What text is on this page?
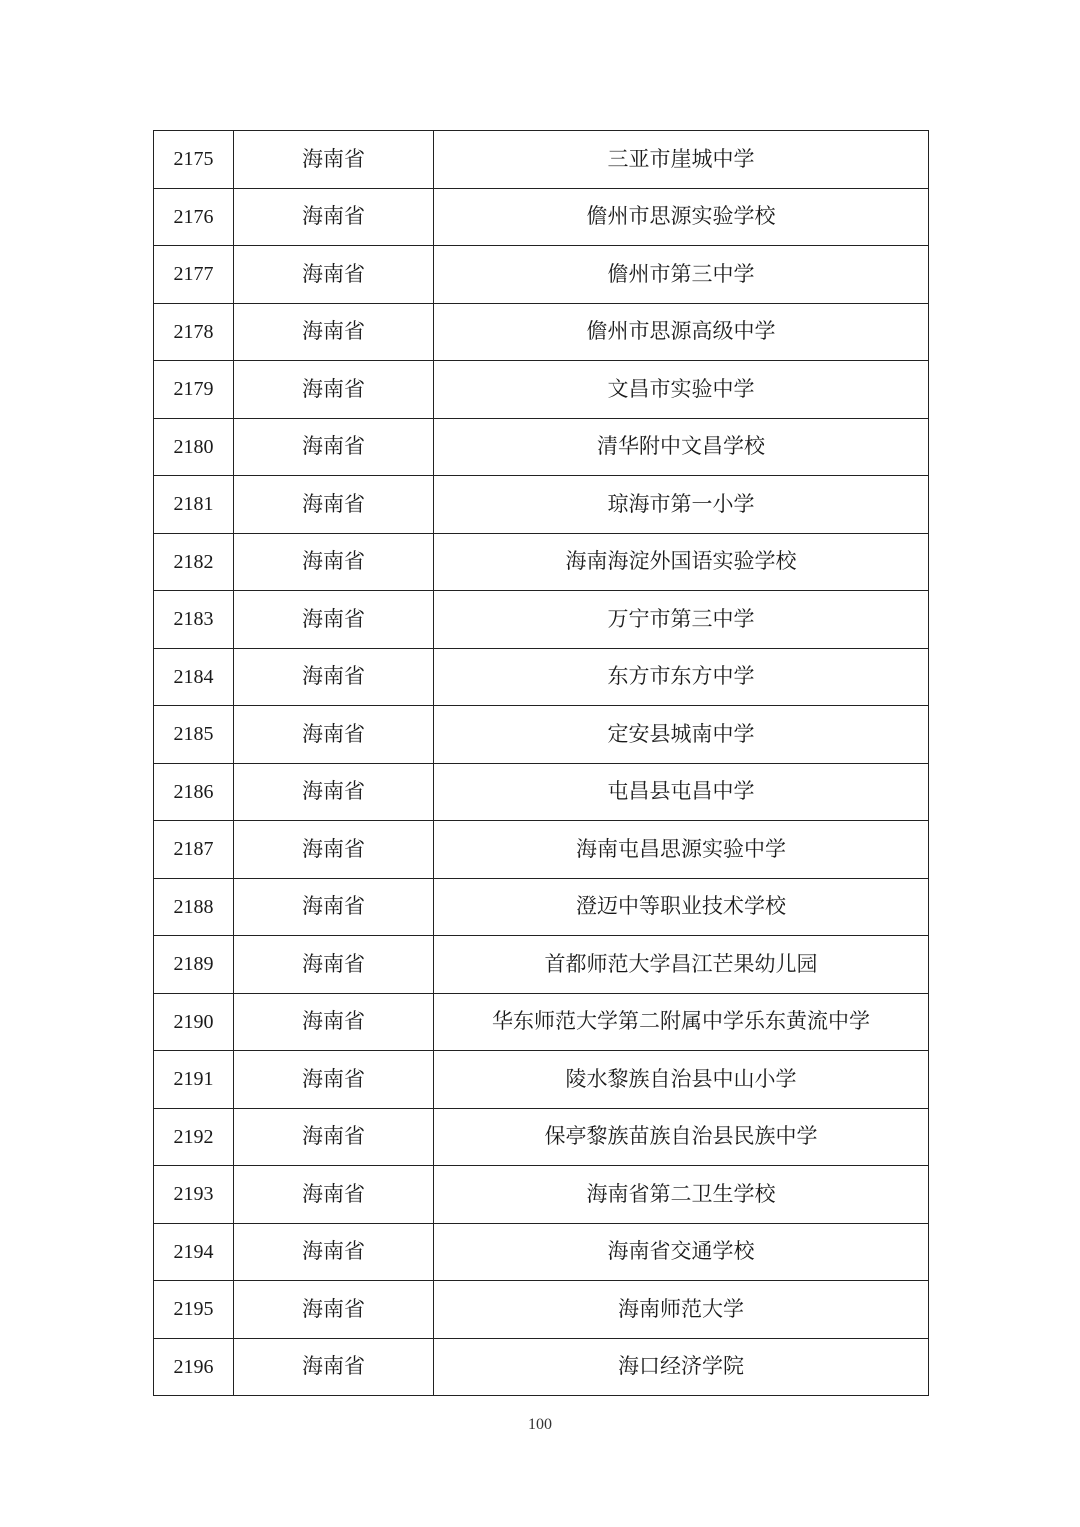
2175	海南省	三亚市崖城中学
2176	海南省	儋州市思源实验学校
2177	海南省	儋州市第三中学
2178	海南省	儋州市思源高级中学
2179	海南省	文昌市实验中学
2180	海南省	清华附中文昌学校
2181	海南省	琼海市第一小学
2182	海南省	海南海淀外国语实验学校
2183	海南省	万宁市第三中学
2184	海南省	东方市东方中学
2185	海南省	定安县城南中学
2186	海南省	屯昌县屯昌中学
2187	海南省	海南屯昌思源实验中学
2188	海南省	澄迈中等职业技术学校
2189	海南省	首都师范大学昌江芒果幼儿园
2190	海南省	华东师范大学第二附属中学乐东黄流中学
2191	海南省	陵水黎族自治县中山小学
2192	海南省	保亭黎族苗族自治县民族中学
2193	海南省	海南省第二卫生学校
2194	海南省	海南省交通学校
2195	海南省	海南师范大学
2196	海南省	海口经济学院
100
